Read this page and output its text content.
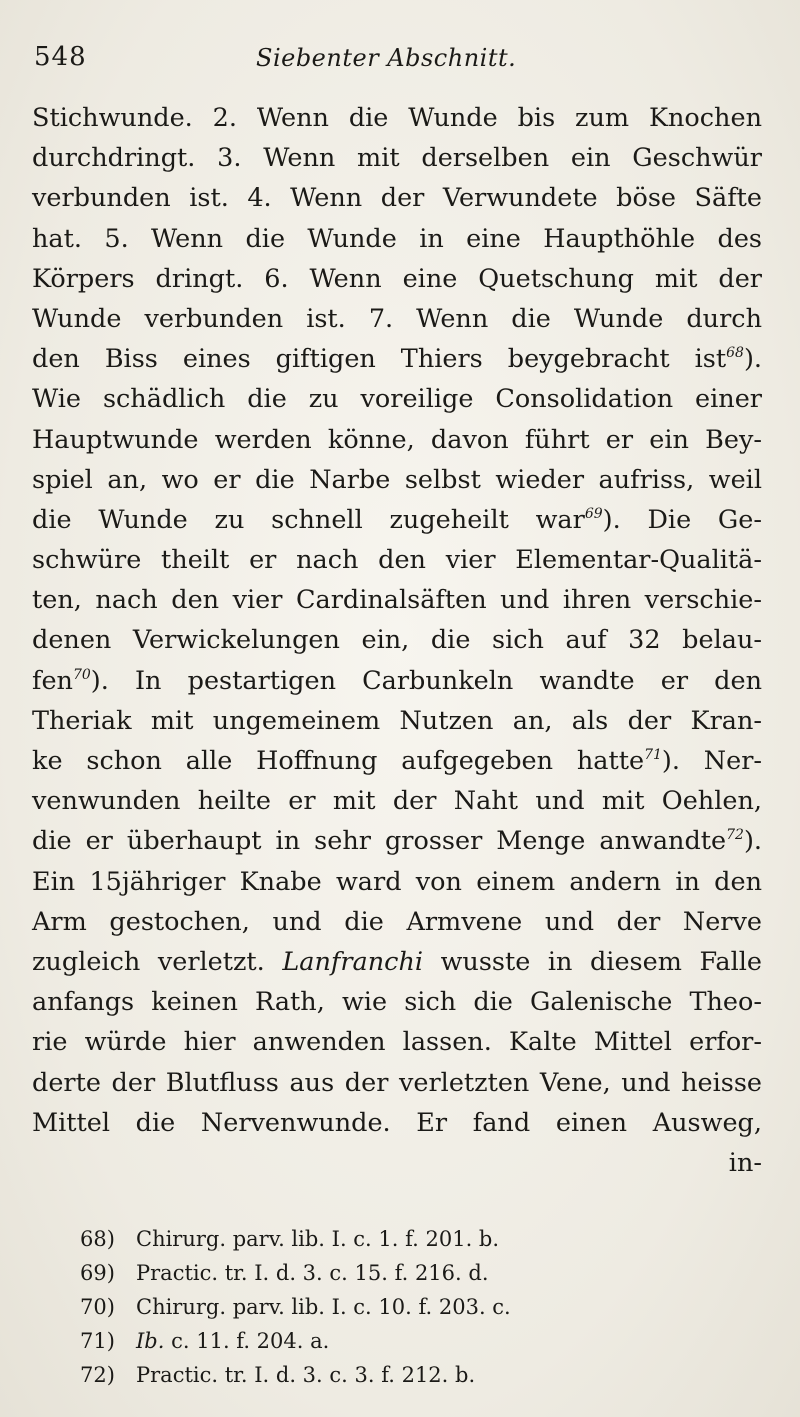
548	Siebenter Abschnitt.
Stichwunde. 2. Wenn die Wunde bis zum Knochen
durchdringt. 3. Wenn mit derselben ein Geschwür
verbunden ist. 4. Wenn der Verwundete böse Säfte
hat. 5. Wenn die Wunde in eine Haupthöhle des
Körpers dringt. 6. Wenn eine Quetschung mit der
Wunde verbunden ist. 7. Wenn die Wunde durch
den Biss eines giftigen Thiers beygebracht ist$^{68}$).
Wie schädlich die zu voreilige Consolidation einer
Hauptwunde werden könne, davon führt er ein Bey-
spiel an, wo er die Narbe selbst wieder aufriss, weil
die Wunde zu schnell zugeheilt war$^{69}$). Die Ge-
schwüre theilt er nach den vier Elementar-Qualitä-
ten, nach den vier Cardinalsäften und ihren verschie-
denen Verwickelungen ein, die sich auf 32 belau-
fen$^{70}$). In pestartigen Carbunkeln wandte er den
Theriak mit ungemeinem Nutzen an, als der Kran-
ke schon alle Hoffnung aufgegeben hatte$^{71}$). Ner-
venwunden heilte er mit der Naht und mit Oehlen,
die er überhaupt in sehr grosser Menge anwandte$^{72}$).
Ein 15jähriger Knabe ward von einem andern in den
Arm gestochen, und die Armvene und der Nerve
zugleich verletzt. Lanfranchi wusste in diesem Falle
anfangs keinen Rath, wie sich die Galenische Theo-
rie würde hier anwenden lassen. Kalte Mittel erfor-
derte der Blutfluss aus der verletzten Vene, und heisse
Mittel die Nervenwunde. Er fand einen Ausweg,
in-
68) Chirurg. parv. lib. I. c. 1. f. 201. b.
69) Practic. tr. I. d. 3. c. 15. f. 216. d.
70) Chirurg. parv. lib. I. c. 10. f. 203. c.
71) Ib. c. 11. f. 204. a.
72) Practic. tr. I. d. 3. c. 3. f. 212. b.
